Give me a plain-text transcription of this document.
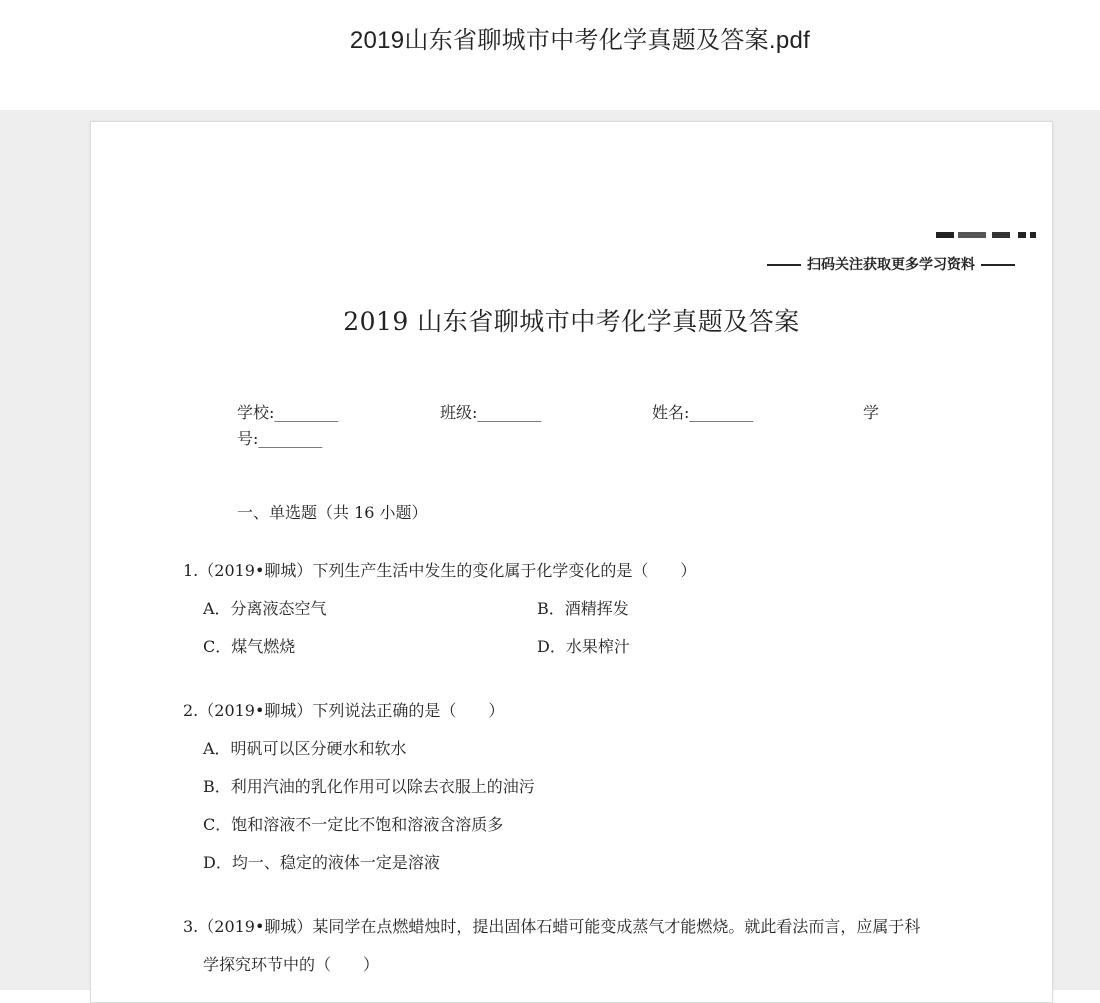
2019山东省聊城市中考化学真题及答案.pdf
扫码关注获取更多学习资料
2019 山东省聊城市中考化学真题及答案
学校:________	班级:________	姓名:________	学
号:________
一、单选题（共 16 小题）
1.（2019•聊城）下列生产生活中发生的变化属于化学变化的是（　　）
A．分离液态空气	B．酒精挥发
C．煤气燃烧	D．水果榨汁
2.（2019•聊城）下列说法正确的是（　　）
A．明矾可以区分硬水和软水
B．利用汽油的乳化作用可以除去衣服上的油污
C．饱和溶液不一定比不饱和溶液含溶质多
D．均一、稳定的液体一定是溶液
3.（2019•聊城）某同学在点燃蜡烛时，提出固体石蜡可能变成蒸气才能燃烧。就此看法而言，应属于科
学探究环节中的（　　）
